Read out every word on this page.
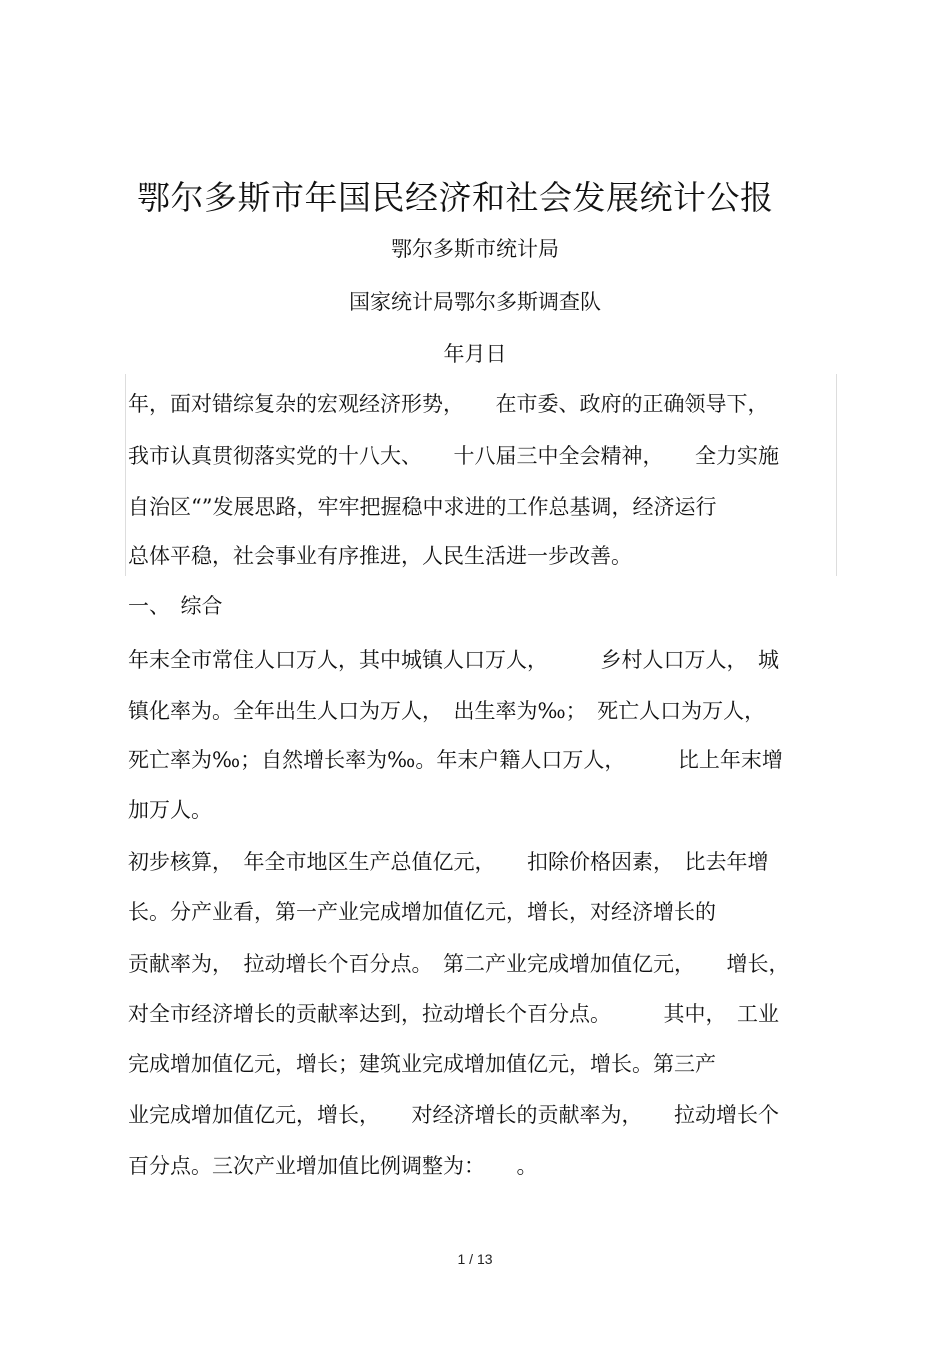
鄂尔多斯市年国民经济和社会发展统计公报
鄂尔多斯市统计局
国家统计局鄂尔多斯调查队
年月日
年，面对错综复杂的宏观经济形势，　　在市委、政府的正确领导下，
我市认真贯彻落实党的十八大、　　十八届三中全会精神，　　全力实施
自治区“”发展思路，牢牢把握稳中求进的工作总基调，经济运行
总体平稳，社会事业有序推进，人民生活进一步改善。
一、　综合
年末全市常住人口万人，其中城镇人口万人，　　　乡村人口万人，　城
镇化率为。全年出生人口为万人，　出生率为‰；　死亡人口为万人，
死亡率为‰；自然增长率为‰。年末户籍人口万人，　　　比上年末增
加万人。
初步核算，　年全市地区生产总值亿元，　　扣除价格因素，　比去年增
长。分产业看，第一产业完成增加值亿元，增长，对经济增长的
贡献率为，　拉动增长个百分点。　第二产业完成增加值亿元，　　增长，
对全市经济增长的贡献率达到，拉动增长个百分点。　　　其中，　工业
完成增加值亿元，增长；建筑业完成增加值亿元，增长。第三产
业完成增加值亿元，增长，　　对经济增长的贡献率为，　　拉动增长个
百分点。三次产业增加值比例调整为：　　。
1 / 13
